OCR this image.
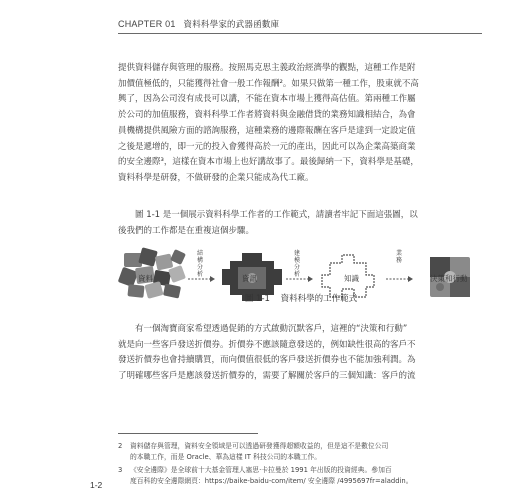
CHAPTER 01 資料科學家的武器函數庫
提供資料儲存與管理的服務。按照馬克思主義政治經濟學的觀點，這種工作是附
加價值極低的，只能獲得社會一般工作報酬²。如果只做第一種工作，股東就不高
興了，因為公司沒有成長可以講，不能在資本市場上獲得高估值。第兩種工作屬
於公司的加值服務，資料科學工作者將資料與金融借貸的業務知識相結合，為會
員機構提供風險方面的諮詢服務，這種業務的邊際報酬在客戶是達到一定設定值
之後是遞增的，即一元的投入會獲得高於一元的產出，因此可以為企業高築商業
的安全邊際³，這樣在資本市場上也好講故事了。最後歸納一下，資料學是基礎，
資料科學是研發，不做研發的企業只能成為代工廠。
圖 1-1 是一個展示資料科學工作者的工作範式，請讀者牢記下面這張圖，以
後我們的工作都是在重複這個步驟。
結構分析
建模分析
業務
資料	資訊	知識	決策和行動
圖 1-1 資料科學的工作範式
有一個淘寶商家希望透過促銷的方式啟動沉默客戶，這裡的“決策和行動”
就是向一些客戶發送折價券。折價券不應該隨意發送的，例如缺性很高的客戶不
發送折價券也會持續購買，而向價值很低的客戶發送折價券也不能加強利潤。為
了明確哪些客戶是應該發送折價券的，需要了解關於客戶的三個知識：客戶的流
2 資料儲存與管理，資料安全領域是可以透過研發獲得超額收益的，但是這不是數位公司
的本職工作，而是 Oracle、華為這樣 IT 科技公司的本職工作。
3 《安全邊際》是全球前十大基金管理人塞思·卡拉曼於 1991 年出版的投資經典。參加百
度百科的安全邊際網頁：https://baike-baidu-com/item/ 安全邊際 /4995697fr=aladdin。
1-2
